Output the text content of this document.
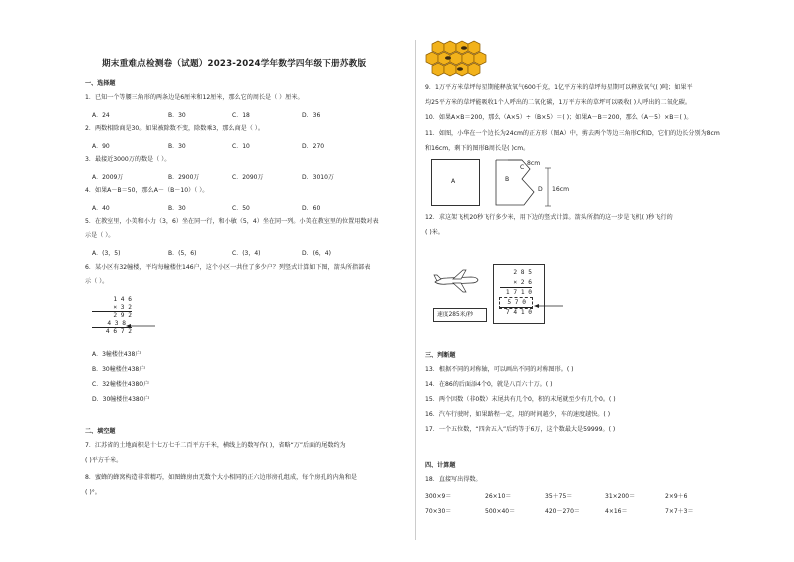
期末重难点检测卷（试题）2023-2024学年数学四年级下册苏教版
一、选择题
1．已知一个等腰三角形的两条边是6厘米和12厘米，那么它的周长是（ ）厘米。
A．24	B．30	C．18	D．36
2．两数相除商是30。如果被除数不变，除数乘3，那么商是（ ）。
A．90	B．30	C．10	D．270
3．最接近3000万的数是（ ）。
A．2009万	B．2900万	C．2090万	D．3010万
4．如果A－B＝50，那么A－（B－10）（ ）。
A．40	B．30	C．50	D．60
5．在教室里，小美和小力（3，6）坐在同一行，和小敏（5，4）坐在同一列。小美在教室里的位置用数对表
示是（ ）。
A．(3，5)	B．(5，6)	C．(3，4)	D．(6，4)
6．某小区有32幢楼，平均每幢楼住146户，这个小区一共住了多少户？列竖式计算如下图，箭头所指部表
示（ ）。
1 4 6
× 3 2
2 9 2
4 3 8
4 6 7 2
A．3幢楼住438户
B．30幢楼住438户
C．32幢楼住4380户
D．30幢楼住4380户
二、填空题
7．江苏省的土地面积是十七万七千二百平方千米，横线上的数写作( )，省略“万”后面的尾数约为
( )平方千米。
8．蜜蜂的蜂窝构造非常精巧，如图蜂房由无数个大小相同的正六边形房孔组成，每个房孔的内角和是
( )°。
9．1万平方米草坪每星期能释放氧气600千克，1亿平方米的草坪每星期可以释放氧气( )吨；如果平
均25平方米的草坪能吸收1个人呼出的二氧化碳，1万平方米的草坪可以吸收( )人呼出的二氧化碳。
10．如果A×B＝200，那么（A×5）÷（B×5）＝( )；如果A－B＝200，那么（A－5）×B＝( )。
11．如图，小华在一个边长为24cm的正方形（图A）中，剪去两个等边三角形C和D，它们的边长分别为8cm
和16cm，剩下的图形B周长是( )cm。
A	B
C
8cm
D 16cm
12．求这架飞机20秒飞行多少米，用下边的竖式计算。箭头所指的这一步是飞机( )秒飞行的
( )米。
速度285米/秒
2 8 5
× 2 6
1 7 1 0
5 7 0
7 4 1 0
三、判断题
13．根据不同的对称轴，可以画出不同的对称图形。( )
14．在86的后面添4个0，就是八百六十万。( )
15．两个因数（非0数）末尾共有几个0，积的末尾就至少有几个0。( )
16．汽车行驶时，如果路程一定，用的时间越少，车的速度越快。( )
17．一个五位数，“四舍五入”后约等于6万，这个数最大是59999。( )
四、计算题
18．直接写出得数。
300×9＝	26×10＝	35＋75＝	31×200＝	2×9＋6
70×30＝	500×40＝	420－270＝	4×16＝	7×7＋3＝
